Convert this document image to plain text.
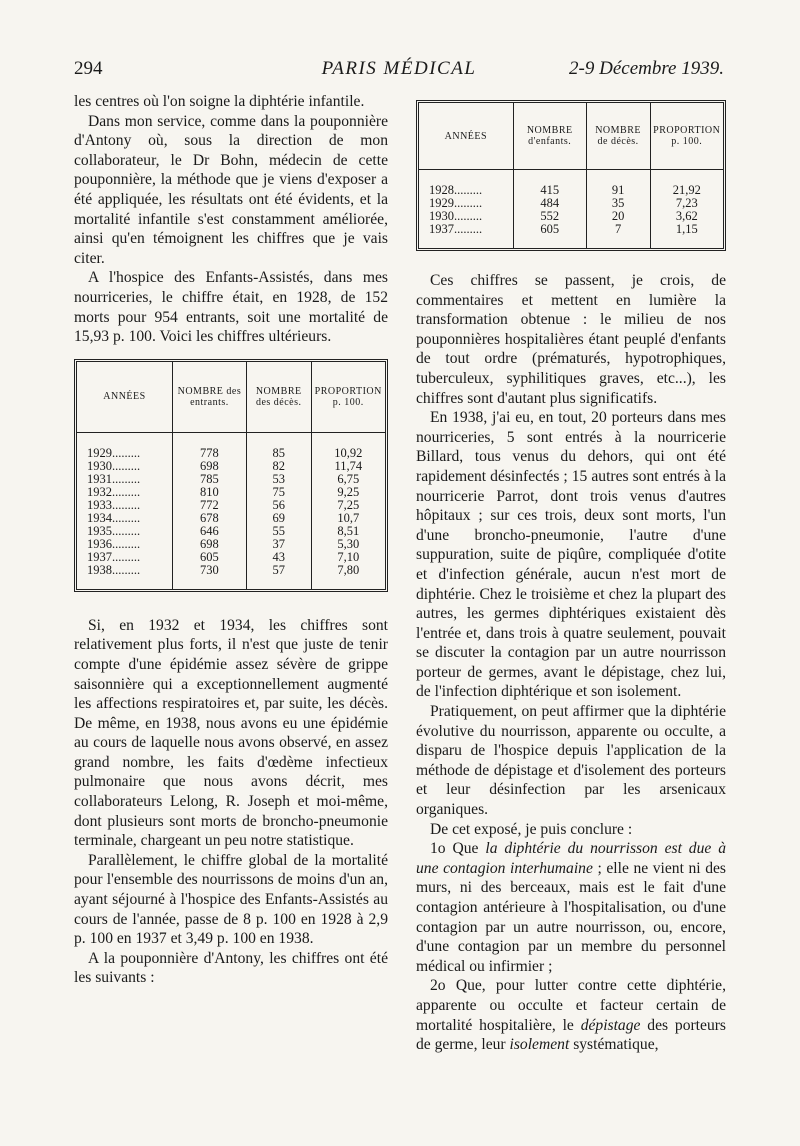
294	PARIS MÉDICAL	2-9 Décembre 1939.

les centres où l'on soigne la diphtérie infantile.

Dans mon service, comme dans la pouponnière d'Antony où, sous la direction de mon collaborateur, le Dr Bohn, médecin de cette pouponnière, la méthode que je viens d'exposer a été appliquée, les résultats ont été évidents, et la mortalité infantile s'est constamment améliorée, ainsi qu'en témoignent les chiffres que je vais citer.

A l'hospice des Enfants-Assistés, dans mes nourriceries, le chiffre était, en 1928, de 152 morts pour 954 entrants, soit une mortalité de 15,93 p. 100. Voici les chiffres ultérieurs.

ANNÉES	NOMBRE des entrants.	NOMBRE des décès.	PROPORTION p. 100.
1929.........	778	85	10,92
1930.........	698	82	11,74
1931.........	785	53	6,75
1932.........	810	75	9,25
1933.........	772	56	7,25
1934.........	678	69	10,7
1935.........	646	55	8,51
1936.........	698	37	5,30
1937.........	605	43	7,10
1938.........	730	57	7,80

Si, en 1932 et 1934, les chiffres sont relativement plus forts, il n'est que juste de tenir compte d'une épidémie assez sévère de grippe saisonnière qui a exceptionnellement augmenté les affections respiratoires et, par suite, les décès. De même, en 1938, nous avons eu une épidémie au cours de laquelle nous avons observé, en assez grand nombre, les faits d'œdème infectieux pulmonaire que nous avons décrit, mes collaborateurs Lelong, R. Joseph et moi-même, dont plusieurs sont morts de broncho-pneumonie terminale, chargeant un peu notre statistique.

Parallèlement, le chiffre global de la mortalité pour l'ensemble des nourrissons de moins d'un an, ayant séjourné à l'hospice des Enfants-Assistés au cours de l'année, passe de 8 p. 100 en 1928 à 2,9 p. 100 en 1937 et 3,49 p. 100 en 1938.

A la pouponnière d'Antony, les chiffres ont été les suivants :

ANNÉES	NOMBRE d'enfants.	NOMBRE de décès.	PROPORTION p. 100.
1928.........	415	91	21,92
1929.........	484	35	7,23
1930.........	552	20	3,62
1937.........	605	7	1,15

Ces chiffres se passent, je crois, de commentaires et mettent en lumière la transformation obtenue : le milieu de nos pouponnières hospitalières étant peuplé d'enfants de tout ordre (prématurés, hypotrophiques, tuberculeux, syphilitiques graves, etc...), les chiffres sont d'autant plus significatifs.

En 1938, j'ai eu, en tout, 20 porteurs dans mes nourriceries, 5 sont entrés à la nourricerie Billard, tous venus du dehors, qui ont été rapidement désinfectés ; 15 autres sont entrés à la nourricerie Parrot, dont trois venus d'autres hôpitaux ; sur ces trois, deux sont morts, l'un d'une broncho-pneumonie, l'autre d'une suppuration, suite de piqûre, compliquée d'otite et d'infection générale, aucun n'est mort de diphtérie. Chez le troisième et chez la plupart des autres, les germes diphtériques existaient dès l'entrée et, dans trois à quatre seulement, pouvait se discuter la contagion par un autre nourrisson porteur de germes, avant le dépistage, chez lui, de l'infection diphtérique et son isolement.

Pratiquement, on peut affirmer que la diphtérie évolutive du nourrisson, apparente ou occulte, a disparu de l'hospice depuis l'application de la méthode de dépistage et d'isolement des porteurs et leur désinfection par les arsenicaux organiques.

De cet exposé, je puis conclure :

1o Que la diphtérie du nourrisson est due à une contagion interhumaine ; elle ne vient ni des murs, ni des berceaux, mais est le fait d'une contagion antérieure à l'hospitalisation, ou d'une contagion par un autre nourrisson, ou, encore, d'une contagion par un membre du personnel médical ou infirmier ;

2o Que, pour lutter contre cette diphtérie, apparente ou occulte et facteur certain de mortalité hospitalière, le dépistage des porteurs de germe, leur isolement systématique,
